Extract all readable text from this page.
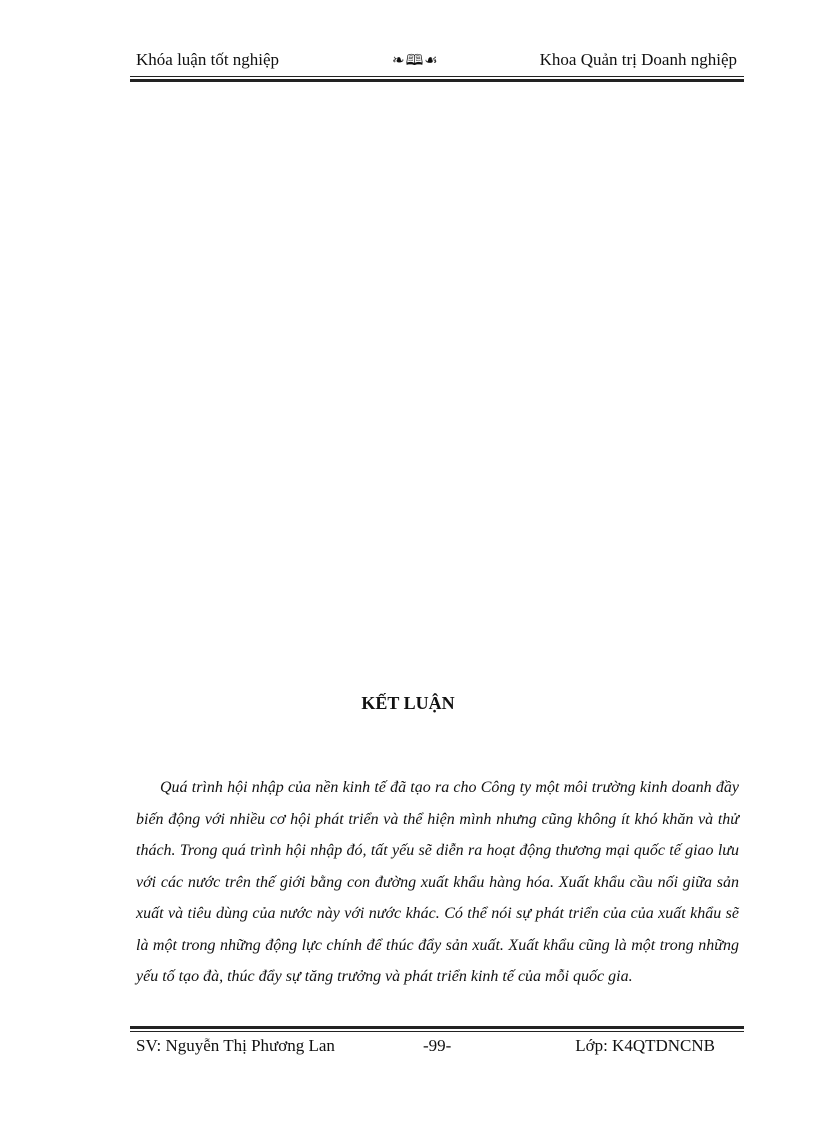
Khóa luận tốt nghiệp	❧🕮☙	Khoa Quản trị Doanh nghiệp
KẾT LUẬN
Quá trình hội nhập của nền kinh tế đã tạo ra cho Công ty một môi trường kinh doanh đầy biến động với nhiều cơ hội phát triển và thể hiện mình nhưng cũng không ít khó khăn và thử thách. Trong quá trình hội nhập đó, tất yếu sẽ diễn ra hoạt động thương mại quốc tế giao lưu với các nước trên thế giới bằng con đường xuất khẩu hàng hóa. Xuất khẩu cầu nối giữa sản xuất và tiêu dùng của nước này với nước khác. Có thể nói sự phát triển của của xuất khẩu sẽ là một trong những động lực chính để thúc đẩy sản xuất. Xuất khẩu cũng là một trong những yếu tố tạo đà, thúc đẩy sự tăng trưởng và phát triển kinh tế của mỗi quốc gia.
SV: Nguyễn Thị Phương Lan	-99-	Lớp: K4QTDNCNB
